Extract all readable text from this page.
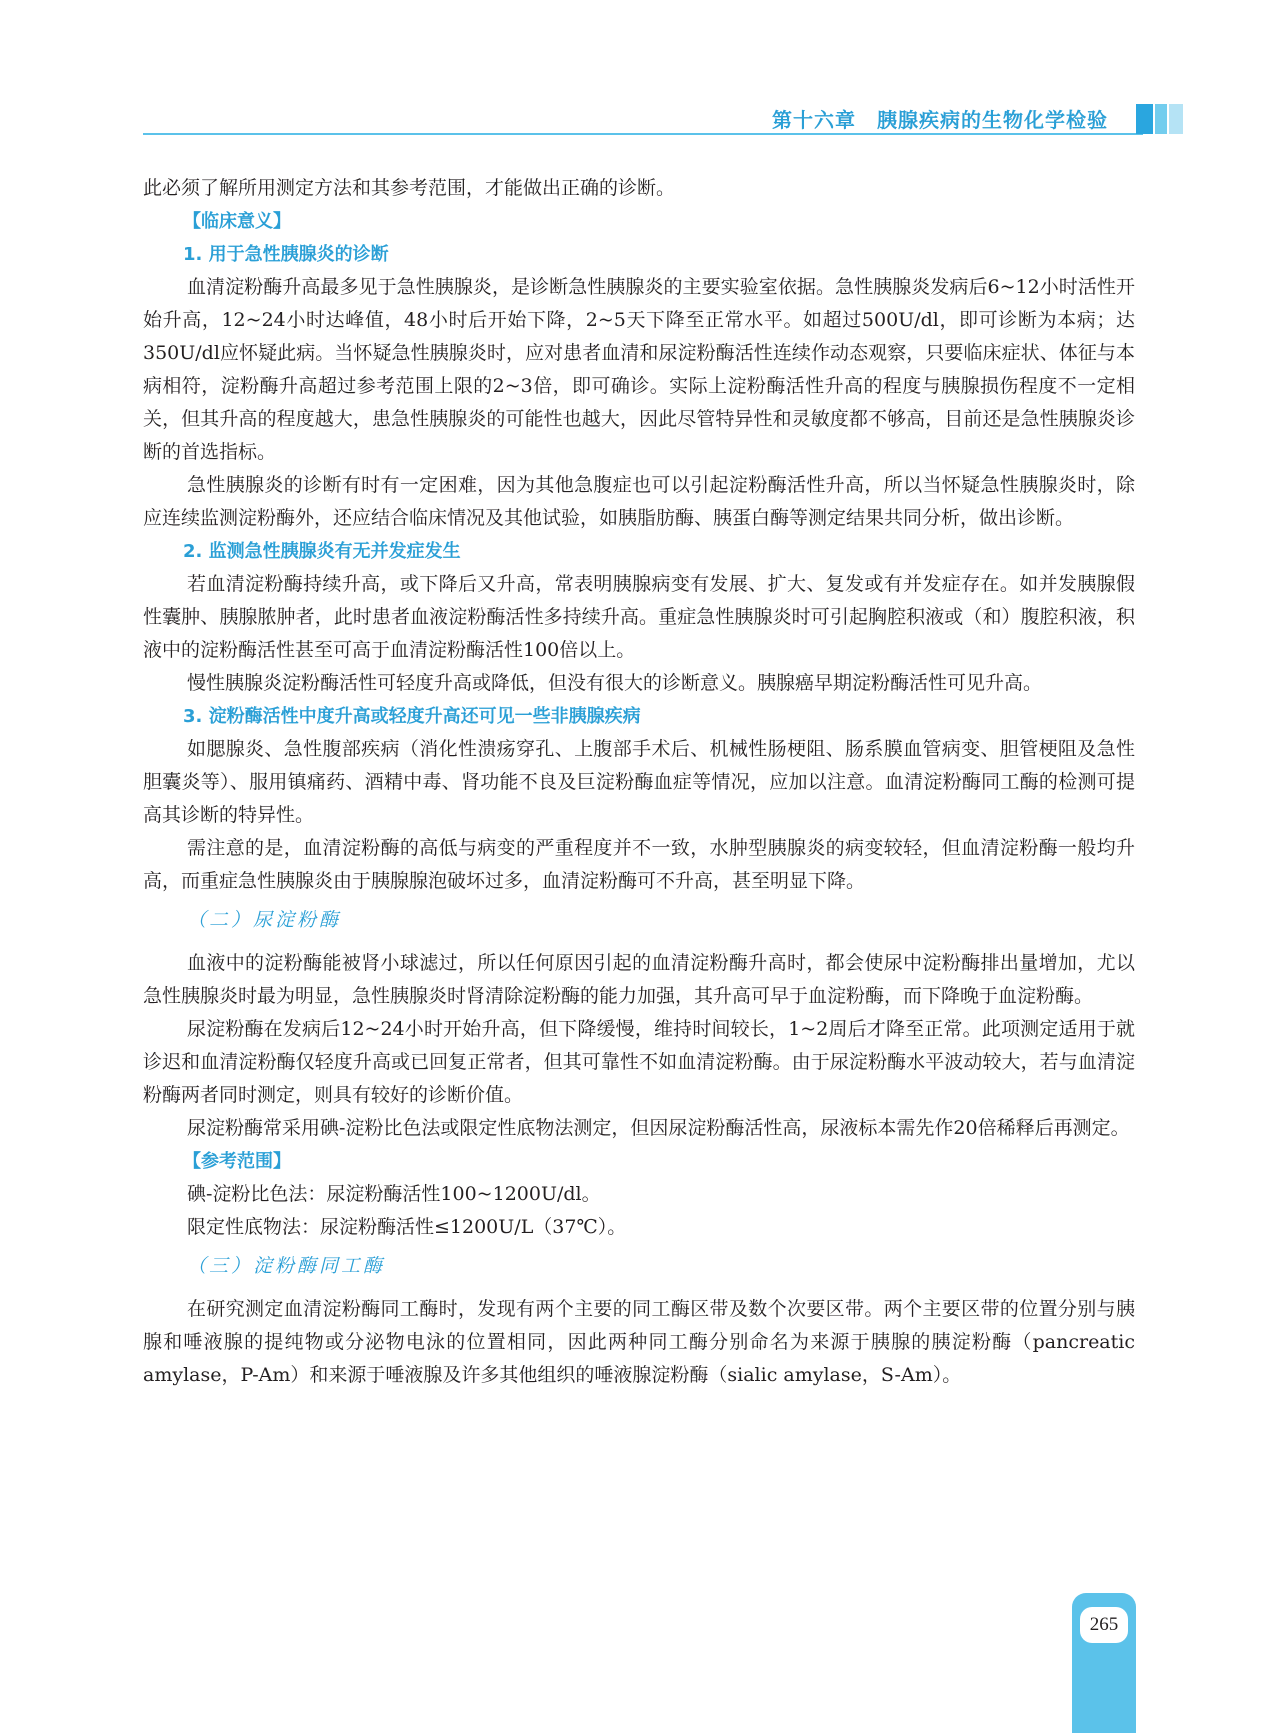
第十六章　胰腺疾病的生物化学检验

此必须了解所用测定方法和其参考范围，才能做出正确的诊断。

【临床意义】

1. 用于急性胰腺炎的诊断

血清淀粉酶升高最多见于急性胰腺炎，是诊断急性胰腺炎的主要实验室依据。急性胰腺炎发病后6~12小时活性开始升高，12~24小时达峰值，48小时后开始下降，2~5天下降至正常水平。如超过500U/dl，即可诊断为本病；达350U/dl应怀疑此病。当怀疑急性胰腺炎时，应对患者血清和尿淀粉酶活性连续作动态观察，只要临床症状、体征与本病相符，淀粉酶升高超过参考范围上限的2~3倍，即可确诊。实际上淀粉酶活性升高的程度与胰腺损伤程度不一定相关，但其升高的程度越大，患急性胰腺炎的可能性也越大，因此尽管特异性和灵敏度都不够高，目前还是急性胰腺炎诊断的首选指标。

急性胰腺炎的诊断有时有一定困难，因为其他急腹症也可以引起淀粉酶活性升高，所以当怀疑急性胰腺炎时，除应连续监测淀粉酶外，还应结合临床情况及其他试验，如胰脂肪酶、胰蛋白酶等测定结果共同分析，做出诊断。

2. 监测急性胰腺炎有无并发症发生

若血清淀粉酶持续升高，或下降后又升高，常表明胰腺病变有发展、扩大、复发或有并发症存在。如并发胰腺假性囊肿、胰腺脓肿者，此时患者血液淀粉酶活性多持续升高。重症急性胰腺炎时可引起胸腔积液或（和）腹腔积液，积液中的淀粉酶活性甚至可高于血清淀粉酶活性100倍以上。

慢性胰腺炎淀粉酶活性可轻度升高或降低，但没有很大的诊断意义。胰腺癌早期淀粉酶活性可见升高。

3. 淀粉酶活性中度升高或轻度升高还可见一些非胰腺疾病

如腮腺炎、急性腹部疾病（消化性溃疡穿孔、上腹部手术后、机械性肠梗阻、肠系膜血管病变、胆管梗阻及急性胆囊炎等）、服用镇痛药、酒精中毒、肾功能不良及巨淀粉酶血症等情况，应加以注意。血清淀粉酶同工酶的检测可提高其诊断的特异性。

需注意的是，血清淀粉酶的高低与病变的严重程度并不一致，水肿型胰腺炎的病变较轻，但血清淀粉酶一般均升高，而重症急性胰腺炎由于胰腺腺泡破坏过多，血清淀粉酶可不升高，甚至明显下降。

（二）尿淀粉酶

血液中的淀粉酶能被肾小球滤过，所以任何原因引起的血清淀粉酶升高时，都会使尿中淀粉酶排出量增加，尤以急性胰腺炎时最为明显，急性胰腺炎时肾清除淀粉酶的能力加强，其升高可早于血淀粉酶，而下降晚于血淀粉酶。

尿淀粉酶在发病后12~24小时开始升高，但下降缓慢，维持时间较长，1~2周后才降至正常。此项测定适用于就诊迟和血清淀粉酶仅轻度升高或已回复正常者，但其可靠性不如血清淀粉酶。由于尿淀粉酶水平波动较大，若与血清淀粉酶两者同时测定，则具有较好的诊断价值。

尿淀粉酶常采用碘-淀粉比色法或限定性底物法测定，但因尿淀粉酶活性高，尿液标本需先作20倍稀释后再测定。

【参考范围】

碘-淀粉比色法：尿淀粉酶活性100~1200U/dl。

限定性底物法：尿淀粉酶活性≤1200U/L（37℃）。

（三）淀粉酶同工酶

在研究测定血清淀粉酶同工酶时，发现有两个主要的同工酶区带及数个次要区带。两个主要区带的位置分别与胰腺和唾液腺的提纯物或分泌物电泳的位置相同，因此两种同工酶分别命名为来源于胰腺的胰淀粉酶（pancreatic amylase，P-Am）和来源于唾液腺及许多其他组织的唾液腺淀粉酶（sialic amylase，S-Am）。

265
